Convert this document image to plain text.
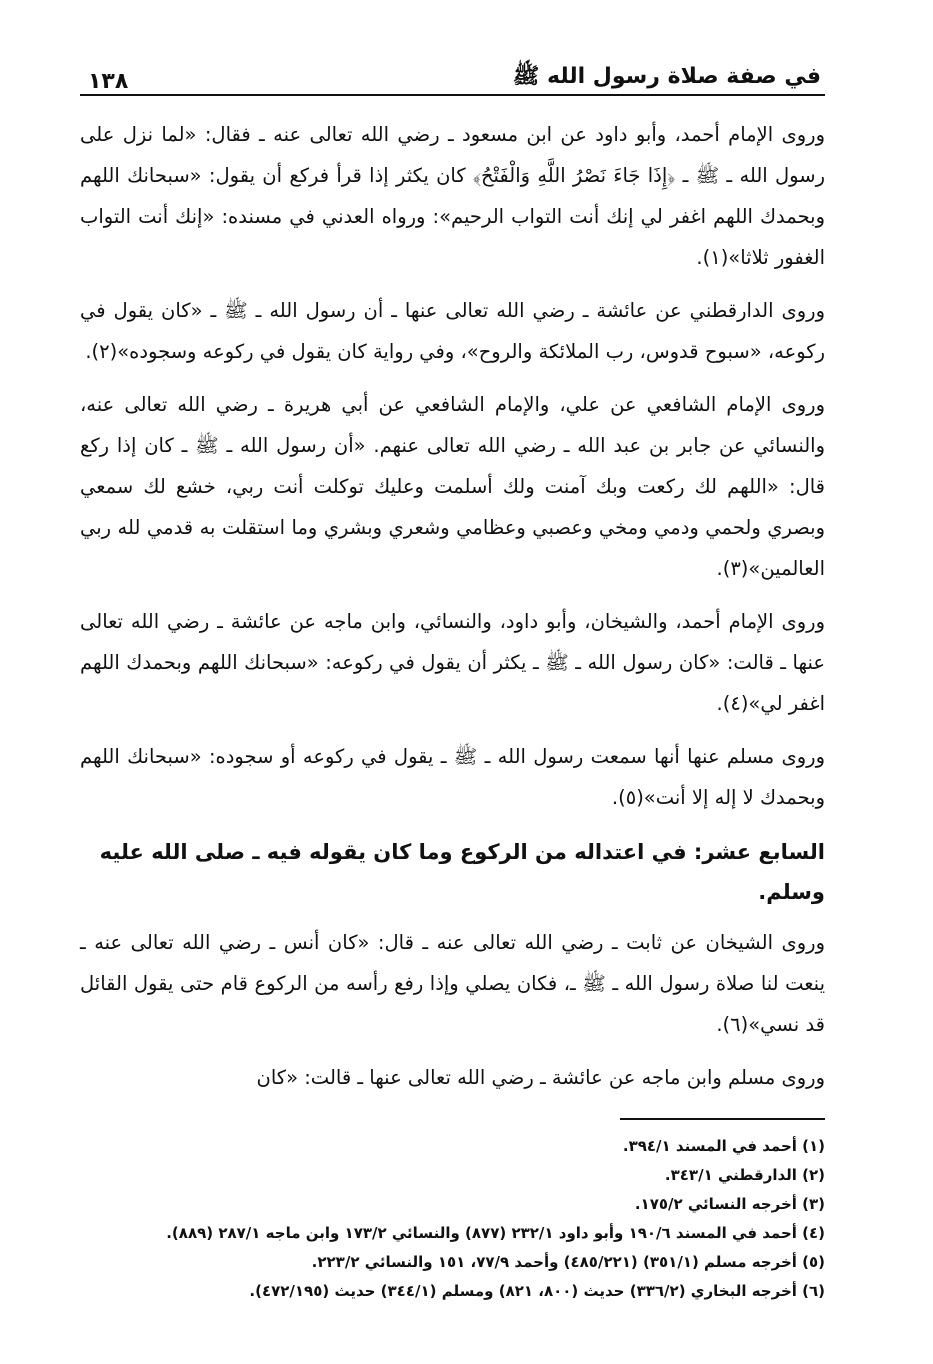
في صفة صلاة رسول الله ﷺ
١٣٨

وروى الإمام أحمد، وأبو داود عن ابن مسعود ـ رضي الله تعالى عنه ـ فقال: «لما نزل على رسول الله ـ ﷺ ـ ﴿إِذَا جَاءَ نَصْرُ اللَّهِ وَالْفَتْحُ﴾ كان يكثر إذا قرأ فركع أن يقول: «سبحانك اللهم وبحمدك اللهم اغفر لي إنك أنت التواب الرحيم»: ورواه العدني في مسنده: «إنك أنت التواب الغفور ثلاثا»(١).

وروى الدارقطني عن عائشة ـ رضي الله تعالى عنها ـ أن رسول الله ـ ﷺ ـ «كان يقول في ركوعه، «سبوح قدوس، رب الملائكة والروح»، وفي رواية كان يقول في ركوعه وسجوده»(٢).

وروى الإمام الشافعي عن علي، والإمام الشافعي عن أبي هريرة ـ رضي الله تعالى عنه، والنسائي عن جابر بن عبد الله ـ رضي الله تعالى عنهم. «أن رسول الله ـ ﷺ ـ كان إذا ركع قال: «اللهم لك ركعت وبك آمنت ولك أسلمت وعليك توكلت أنت ربي، خشع لك سمعي وبصري ولحمي ودمي ومخي وعصبي وعظامي وشعري وبشري وما استقلت به قدمي لله ربي العالمين»(٣).

وروى الإمام أحمد، والشيخان، وأبو داود، والنسائي، وابن ماجه عن عائشة ـ رضي الله تعالى عنها ـ قالت: «كان رسول الله ـ ﷺ ـ يكثر أن يقول في ركوعه: «سبحانك اللهم وبحمدك اللهم اغفر لي»(٤).

وروى مسلم عنها أنها سمعت رسول الله ـ ﷺ ـ يقول في ركوعه أو سجوده: «سبحانك اللهم وبحمدك لا إله إلا أنت»(٥).

السابع عشر: في اعتداله من الركوع وما كان يقوله فيه ـ صلى الله عليه وسلم.

وروى الشيخان عن ثابت ـ رضي الله تعالى عنه ـ قال: «كان أنس ـ رضي الله تعالى عنه ـ ينعت لنا صلاة رسول الله ـ ﷺ ـ، فكان يصلي وإذا رفع رأسه من الركوع قام حتى يقول القائل قد نسي»(٦).

وروى مسلم وابن ماجه عن عائشة ـ رضي الله تعالى عنها ـ قالت: «كان

(١) أحمد في المسند ٣٩٤/١.

(٢) الدارقطني ٣٤٣/١.

(٣) أخرجه النسائي ١٧٥/٢.

(٤) أحمد في المسند ١٩٠/٦ وأبو داود ٢٣٢/١ (٨٧٧) والنسائي ١٧٣/٢ وابن ماجه ٢٨٧/١ (٨٨٩).

(٥) أخرجه مسلم (٣٥١/١) (٤٨٥/٢٢١) وأحمد ٧٧/٩، ١٥١ والنسائي ٢٢٣/٢.

(٦) أخرجه البخاري (٣٣٦/٢) حديث (٨٠٠، ٨٢١) ومسلم (٣٤٤/١) حديث (٤٧٢/١٩٥).
